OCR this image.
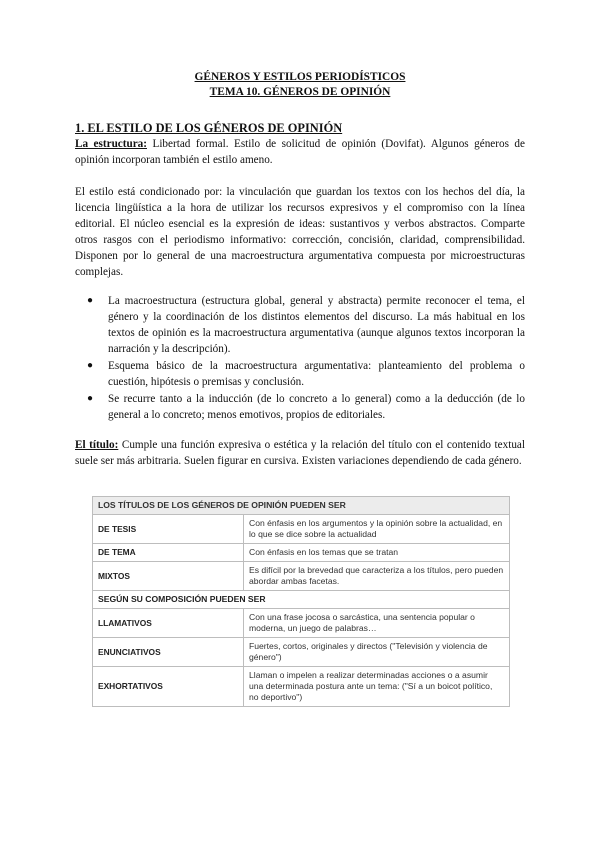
GÉNEROS Y ESTILOS PERIODÍSTICOS
TEMA 10. GÉNEROS DE OPINIÓN
1. EL ESTILO DE LOS GÉNEROS DE OPINIÓN
La estructura: Libertad formal. Estilo de solicitud de opinión (Dovifat). Algunos géneros de opinión incorporan también el estilo ameno.
El estilo está condicionado por: la vinculación que guardan los textos con los hechos del día, la licencia lingüística a la hora de utilizar los recursos expresivos y el compromiso con la línea editorial. El núcleo esencial es la expresión de ideas: sustantivos y verbos abstractos. Comparte otros rasgos con el periodismo informativo: corrección, concisión, claridad, comprensibilidad. Disponen por lo general de una macroestructura argumentativa compuesta por microestructuras complejas.
● La macroestructura (estructura global, general y abstracta) permite reconocer el tema, el género y la coordinación de los distintos elementos del discurso. La más habitual en los textos de opinión es la macroestructura argumentativa (aunque algunos textos incorporan la narración y la descripción).
● Esquema básico de la macroestructura argumentativa: planteamiento del problema o cuestión, hipótesis o premisas y conclusión.
● Se recurre tanto a la inducción (de lo concreto a lo general) como a la deducción (de lo general a lo concreto; menos emotivos, propios de editoriales.
El título: Cumple una función expresiva o estética y la relación del título con el contenido textual suele ser más arbitraria. Suelen figurar en cursiva. Existen variaciones dependiendo de cada género.
LOS TÍTULOS DE LOS GÉNEROS DE OPINIÓN PUEDEN SER	
DE TESIS	Con énfasis en los argumentos y la opinión sobre la actualidad, en lo que se dice sobre la actualidad
DE TEMA	Con énfasis en los temas que se tratan
MIXTOS	Es difícil por la brevedad que caracteriza a los títulos, pero pueden abordar ambas facetas.
SEGÚN SU COMPOSICIÓN PUEDEN SER	
LLAMATIVOS	Con una frase jocosa o sarcástica, una sentencia popular o moderna, un juego de palabras…
ENUNCIATIVOS	Fuertes, cortos, originales y directos ("Televisión y violencia de género")
EXHORTATIVOS	Llaman o impelen a realizar determinadas acciones o a asumir una determinada postura ante un tema: ("Sí a un boicot político, no deportivo")
